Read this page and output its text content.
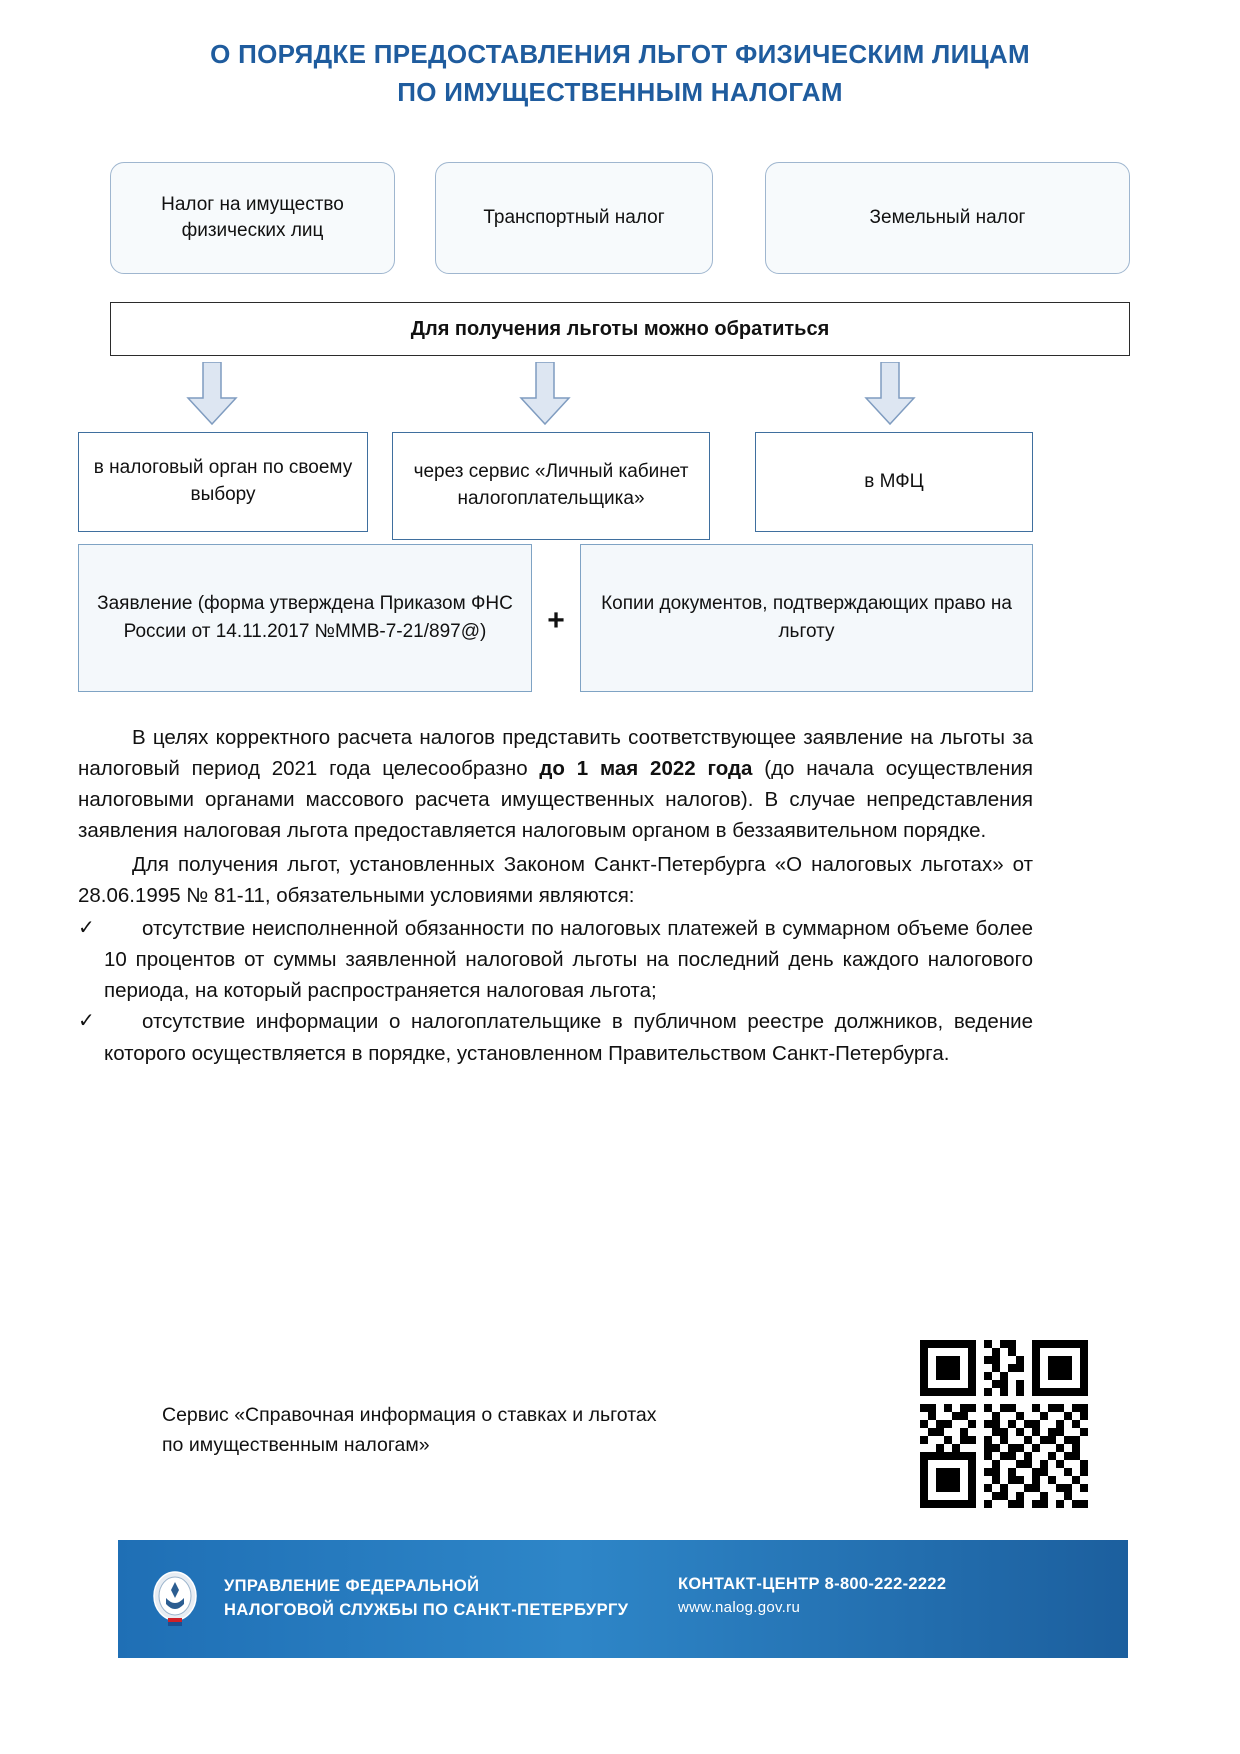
О ПОРЯДКЕ ПРЕДОСТАВЛЕНИЯ ЛЬГОТ ФИЗИЧЕСКИМ ЛИЦАМ
ПО ИМУЩЕСТВЕННЫМ НАЛОГАМ
Налог на имущество физических лиц
Транспортный налог	Земельный налог
Для получения льготы можно обратиться
в налоговый орган по своему выбору
через сервис «Личный кабинет налогоплательщика»
в МФЦ
Заявление (форма утверждена Приказом ФНС России от 14.11.2017 №ММВ-7-21/897@)	+
Копии документов, подтверждающих право на льготу

В целях корректного расчета налогов представить соответствующее заявление на льготы за налоговый период 2021 года целесообразно до 1 мая 2022 года (до начала осуществления налоговыми органами массового расчета имущественных налогов). В случае непредставления заявления налоговая льгота предоставляется налоговым органом в беззаявительном порядке.

Для получения льгот, установленных Законом Санкт-Петербурга «О налоговых льготах» от 28.06.1995 № 81-11, обязательными условиями являются:

✓	отсутствие неисполненной обязанности по налоговых платежей в суммарном объеме более 10 процентов от суммы заявленной налоговой льготы на последний день каждого налогового периода, на который распространяется налоговая льгота;
✓	отсутствие информации о налогоплательщике в публичном реестре должников, ведение которого осуществляется в порядке, установленном Правительством Санкт-Петербурга.
Сервис «Справочная информация о ставках и льготах
по имущественным налогам»
УПРАВЛЕНИЕ ФЕДЕРАЛЬНОЙ
НАЛОГОВОЙ СЛУЖБЫ ПО САНКТ-ПЕТЕРБУРГУ
КОНТАКТ-ЦЕНТР 8-800-222-2222
www.nalog.gov.ru
